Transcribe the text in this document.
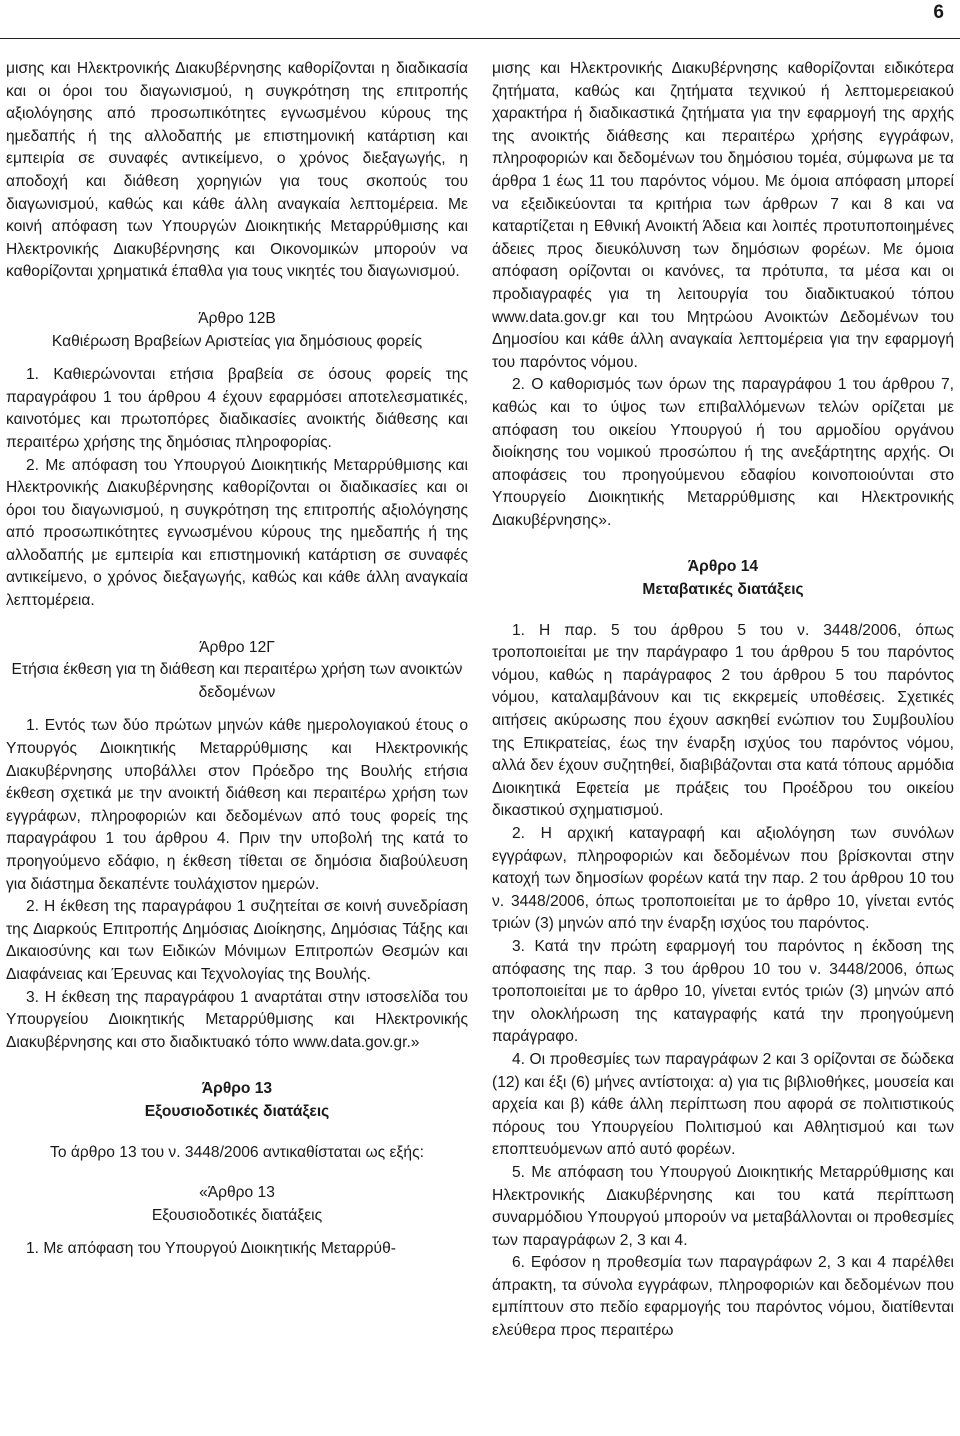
6

μισης και Ηλεκτρονικής Διακυβέρνησης καθορίζονται η διαδικασία και οι όροι του διαγωνισμού, η συγκρότηση της επιτροπής αξιολόγησης από προσωπικότητες εγνωσμένου κύρους της ημεδαπής ή της αλλοδαπής με επιστημονική κατάρτιση και εμπειρία σε συναφές αντικείμενο, ο χρόνος διεξαγωγής, η αποδοχή και διάθεση χορηγιών για τους σκοπούς του διαγωνισμού, καθώς και κάθε άλλη αναγκαία λεπτομέρεια. Με κοινή απόφαση των Υπουργών Διοικητικής Μεταρρύθμισης και Ηλεκτρονικής Διακυβέρνησης και Οικονομικών μπορούν να καθορίζονται χρηματικά έπαθλα για τους νικητές του διαγωνισμού.

Άρθρο 12Β
Καθιέρωση Βραβείων Αριστείας για δημόσιους φορείς

1. Καθιερώνονται ετήσια βραβεία σε όσους φορείς της παραγράφου 1 του άρθρου 4 έχουν εφαρμόσει αποτελεσματικές, καινοτόμες και πρωτοπόρες διαδικασίες ανοικτής διάθεσης και περαιτέρω χρήσης της δημόσιας πληροφορίας.

2. Με απόφαση του Υπουργού Διοικητικής Μεταρρύθμισης και Ηλεκτρονικής Διακυβέρνησης καθορίζονται οι διαδικασίες και οι όροι του διαγωνισμού, η συγκρότηση της επιτροπής αξιολόγησης από προσωπικότητες εγνωσμένου κύρους της ημεδαπής ή της αλλοδαπής με εμπειρία και επιστημονική κατάρτιση σε συναφές αντικείμενο, ο χρόνος διεξαγωγής, καθώς και κάθε άλλη αναγκαία λεπτομέρεια.

Άρθρο 12Γ
Ετήσια έκθεση για τη διάθεση και περαιτέρω χρήση των ανοικτών δεδομένων

1. Εντός των δύο πρώτων μηνών κάθε ημερολογιακού έτους ο Υπουργός Διοικητικής Μεταρρύθμισης και Ηλεκτρονικής Διακυβέρνησης υποβάλλει στον Πρόεδρο της Βουλής ετήσια έκθεση σχετικά με την ανοικτή διάθεση και περαιτέρω χρήση των εγγράφων, πληροφοριών και δεδομένων από τους φορείς της παραγράφου 1 του άρθρου 4. Πριν την υποβολή της κατά το προηγούμενο εδάφιο, η έκθεση τίθεται σε δημόσια διαβούλευση για διάστημα δεκαπέντε τουλάχιστον ημερών.

2. Η έκθεση της παραγράφου 1 συζητείται σε κοινή συνεδρίαση της Διαρκούς Επιτροπής Δημόσιας Διοίκησης, Δημόσιας Τάξης και Δικαιοσύνης και των Ειδικών Μόνιμων Επιτροπών Θεσμών και Διαφάνειας και Έρευνας και Τεχνολογίας της Βουλής.

3. Η έκθεση της παραγράφου 1 αναρτάται στην ιστοσελίδα του Υπουργείου Διοικητικής Μεταρρύθμισης και Ηλεκτρονικής Διακυβέρνησης και στο διαδικτυακό τόπο www.data.gov.gr.»

Άρθρο 13
Εξουσιοδοτικές διατάξεις
Το άρθρο 13 του ν. 3448/2006 αντικαθίσταται ως εξής:
«Άρθρο 13
Εξουσιοδοτικές διατάξεις

1. Με απόφαση του Υπουργού Διοικητικής Μεταρρύθ-

μισης και Ηλεκτρονικής Διακυβέρνησης καθορίζονται ειδικότερα ζητήματα, καθώς και ζητήματα τεχνικού ή λεπτομερειακού χαρακτήρα ή διαδικαστικά ζητήματα για την εφαρμογή της αρχής της ανοικτής διάθεσης και περαιτέρω χρήσης εγγράφων, πληροφοριών και δεδομένων του δημόσιου τομέα, σύμφωνα με τα άρθρα 1 έως 11 του παρόντος νόμου. Με όμοια απόφαση μπορεί να εξειδικεύονται τα κριτήρια των άρθρων 7 και 8 και να καταρτίζεται η Εθνική Ανοικτή Άδεια και λοιπές προτυποποιημένες άδειες προς διευκόλυνση των δημόσιων φορέων. Με όμοια απόφαση ορίζονται οι κανόνες, τα πρότυπα, τα μέσα και οι προδιαγραφές για τη λειτουργία του διαδικτυακού τόπου www.data.gov.gr και του Μητρώου Ανοικτών Δεδομένων του Δημοσίου και κάθε άλλη αναγκαία λεπτομέρεια για την εφαρμογή του παρόντος νόμου.

2. Ο καθορισμός των όρων της παραγράφου 1 του άρθρου 7, καθώς και το ύψος των επιβαλλόμενων τελών ορίζεται με απόφαση του οικείου Υπουργού ή του αρμοδίου οργάνου διοίκησης του νομικού προσώπου ή της ανεξάρτητης αρχής. Οι αποφάσεις του προηγούμενου εδαφίου κοινοποιούνται στο Υπουργείο Διοικητικής Μεταρρύθμισης και Ηλεκτρονικής Διακυβέρνησης».

Άρθρο 14
Μεταβατικές διατάξεις

1. Η παρ. 5 του άρθρου 5 του ν. 3448/2006, όπως τροποποιείται με την παράγραφο 1 του άρθρου 5 του παρόντος νόμου, καθώς η παράγραφος 2 του άρθρου 5 του παρόντος νόμου, καταλαμβάνουν και τις εκκρεμείς υποθέσεις. Σχετικές αιτήσεις ακύρωσης που έχουν ασκηθεί ενώπιον του Συμβουλίου της Επικρατείας, έως την έναρξη ισχύος του παρόντος νόμου, αλλά δεν έχουν συζητηθεί, διαβιβάζονται στα κατά τόπους αρμόδια Διοικητικά Εφετεία με πράξεις του Προέδρου του οικείου δικαστικού σχηματισμού.

2. Η αρχική καταγραφή και αξιολόγηση των συνόλων εγγράφων, πληροφοριών και δεδομένων που βρίσκονται στην κατοχή των δημοσίων φορέων κατά την παρ. 2 του άρθρου 10 του ν. 3448/2006, όπως τροποποιείται με το άρθρο 10, γίνεται εντός τριών (3) μηνών από την έναρξη ισχύος του παρόντος.

3. Κατά την πρώτη εφαρμογή του παρόντος η έκδοση της απόφασης της παρ. 3 του άρθρου 10 του ν. 3448/2006, όπως τροποποιείται με το άρθρο 10, γίνεται εντός τριών (3) μηνών από την ολοκλήρωση της καταγραφής κατά την προηγούμενη παράγραφο.

4. Οι προθεσμίες των παραγράφων 2 και 3 ορίζονται σε δώδεκα (12) και έξι (6) μήνες αντίστοιχα: α) για τις βιβλιοθήκες, μουσεία και αρχεία και β) κάθε άλλη περίπτωση που αφορά σε πολιτιστικούς πόρους του Υπουργείου Πολιτισμού και Αθλητισμού και των εποπτευόμενων από αυτό φορέων.

5. Με απόφαση του Υπουργού Διοικητικής Μεταρρύθμισης και Ηλεκτρονικής Διακυβέρνησης και του κατά περίπτωση συναρμόδιου Υπουργού μπορούν να μεταβάλλονται οι προθεσμίες των παραγράφων 2, 3 και 4.

6. Εφόσον η προθεσμία των παραγράφων 2, 3 και 4 παρέλθει άπρακτη, τα σύνολα εγγράφων, πληροφοριών και δεδομένων που εμπίπτουν στο πεδίο εφαρμογής του παρόντος νόμου, διατίθενται ελεύθερα προς περαιτέρω
